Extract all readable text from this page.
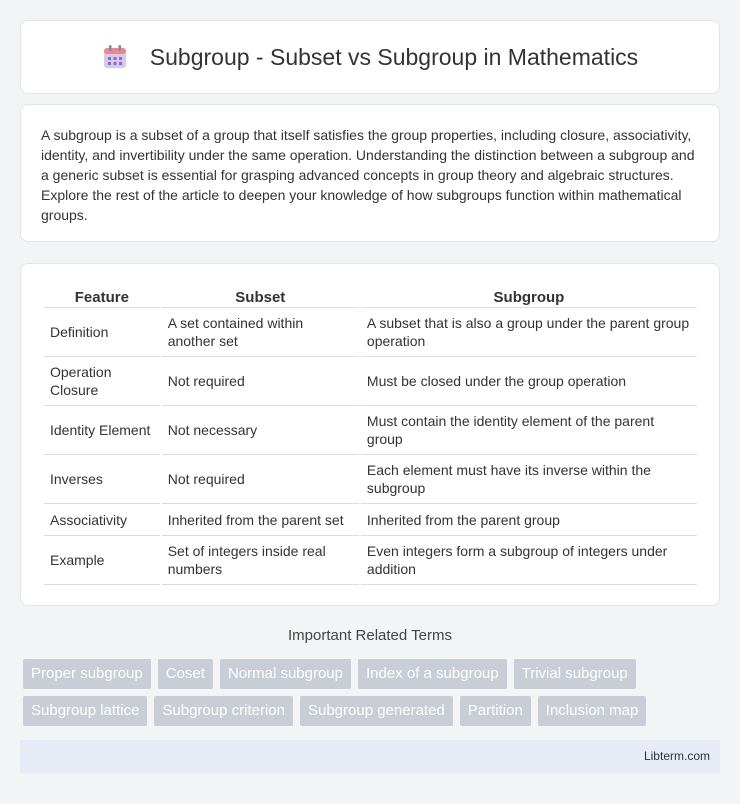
Subgroup - Subset vs Subgroup in Mathematics

A subgroup is a subset of a group that itself satisfies the group properties, including closure, associativity, identity, and invertibility under the same operation. Understanding the distinction between a subgroup and a generic subset is essential for grasping advanced concepts in group theory and algebraic structures. Explore the rest of the article to deepen your knowledge of how subgroups function within mathematical groups.

Feature	Subset	Subgroup
Definition	A set contained within another set	A subset that is also a group under the parent group operation
Operation Closure	Not required	Must be closed under the group operation
Identity Element	Not necessary	Must contain the identity element of the parent group
Inverses	Not required	Each element must have its inverse within the subgroup
Associativity	Inherited from the parent set	Inherited from the parent group
Example	Set of integers inside real numbers	Even integers form a subgroup of integers under addition
Important Related Terms
Proper subgroup	Coset	Normal subgroup	Index of a subgroup	Trivial subgroup
Subgroup lattice	Subgroup criterion	Subgroup generated	Partition	Inclusion map
Libterm.com
